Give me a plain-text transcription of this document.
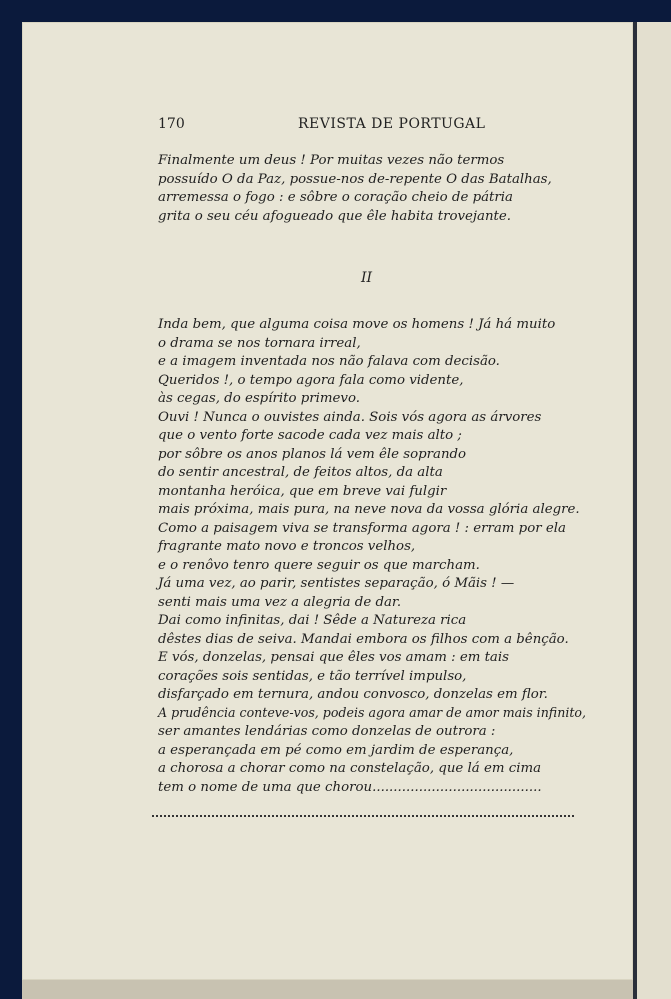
170	REVISTA DE PORTUGAL
Finalmente um deus ! Por muitas vezes não termos
possuído O da Paz, possue-nos de-repente O das Batalhas,
arremessa o fogo : e sôbre o coração cheio de pátria
grita o seu céu afogueado que êle habita trovejante.
II
Inda bem, que alguma coisa move os homens ! Já há muito
o drama se nos tornara irreal,
e a imagem inventada nos não falava com decisão.
Queridos !, o tempo agora fala como vidente,
às cegas, do espírito primevo.
Ouvi ! Nunca o ouvistes ainda. Sois vós agora as árvores
que o vento forte sacode cada vez mais alto ;
por sôbre os anos planos lá vem êle soprando
do sentir ancestral, de feitos altos, da alta
montanha heróica, que em breve vai fulgir
mais próxima, mais pura, na neve nova da vossa glória alegre.
Como a paisagem viva se transforma agora ! : erram por ela
fragrante mato novo e troncos velhos,
e o renôvo tenro quere seguir os que marcham.
Já uma vez, ao parir, sentistes separação, ó Mãis ! —
senti mais uma vez a alegria de dar.
Dai como infinitas, dai ! Sêde a Natureza rica
dêstes dias de seiva. Mandai embora os filhos com a bênção.
E vós, donzelas, pensai que êles vos amam : em tais
corações sois sentidas, e tão terrível impulso,
disfarçado em ternura, andou convosco, donzelas em flor.
A prudência conteve-vos, podeis agora amar de amor mais infinito,
ser amantes lendárias como donzelas de outrora :
a esperançada em pé como em jardim de esperança,
a chorosa a chorar como na constelação, que lá em cima
tem o nome de uma que chorou........................................
